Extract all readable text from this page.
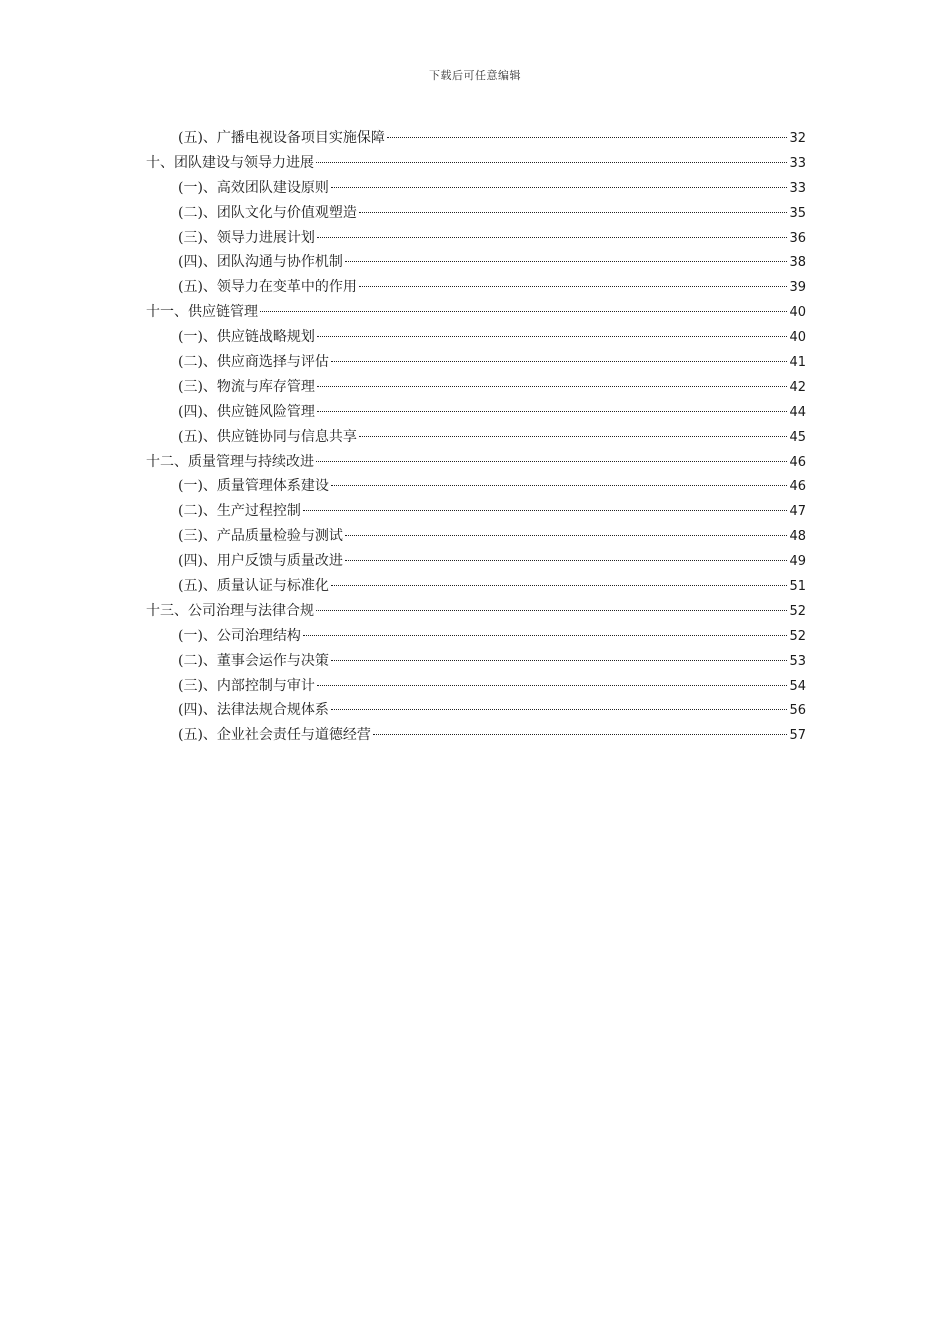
下载后可任意编辑
(五)、广播电视设备项目实施保障	32
十、团队建设与领导力进展	33
(一)、高效团队建设原则	33
(二)、团队文化与价值观塑造	35
(三)、领导力进展计划	36
(四)、团队沟通与协作机制	38
(五)、领导力在变革中的作用	39
十一、供应链管理	40
(一)、供应链战略规划	40
(二)、供应商选择与评估	41
(三)、物流与库存管理	42
(四)、供应链风险管理	44
(五)、供应链协同与信息共享	45
十二、质量管理与持续改进	46
(一)、质量管理体系建设	46
(二)、生产过程控制	47
(三)、产品质量检验与测试	48
(四)、用户反馈与质量改进	49
(五)、质量认证与标准化	51
十三、公司治理与法律合规	52
(一)、公司治理结构	52
(二)、董事会运作与决策	53
(三)、内部控制与审计	54
(四)、法律法规合规体系	56
(五)、企业社会责任与道德经营	57
